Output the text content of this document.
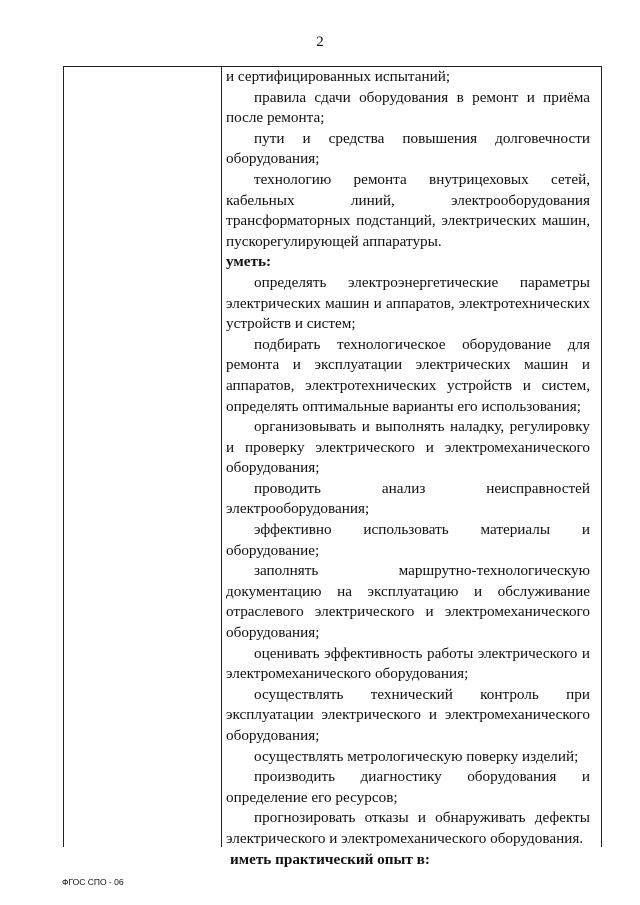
2

и сертифицированных испытаний;

правила сдачи оборудования в ремонт и приёма после ремонта;

пути и средства повышения долговечности оборудования;

технологию ремонта внутрицеховых сетей, кабельных линий, электрооборудования трансформаторных подстанций, электрических машин, пускорегулирующей аппаратуры.

уметь:

определять электроэнергетические параметры электрических машин и аппаратов, электротехнических устройств и систем;

подбирать технологическое оборудование для ремонта и эксплуатации электрических машин и аппаратов, электротехнических устройств и систем, определять оптимальные варианты его использования;

организовывать и выполнять наладку, регулировку и проверку электрического и электромеханического оборудования;

проводить анализ неисправностей электрооборудования;

эффективно использовать материалы и оборудование;

заполнять маршрутно-технологическую документацию на эксплуатацию и обслуживание отраслевого электрического и электромеханического оборудования;

оценивать эффективность работы электрического и электромеханического оборудования;

осуществлять технический контроль при эксплуатации электрического и электромеханического оборудования;

осуществлять метрологическую поверку изделий;

производить диагностику оборудования и определение его ресурсов;

прогнозировать отказы и обнаруживать дефекты электрического и электромеханического оборудования.

иметь практический опыт в:

ФГОС СПО - 06
